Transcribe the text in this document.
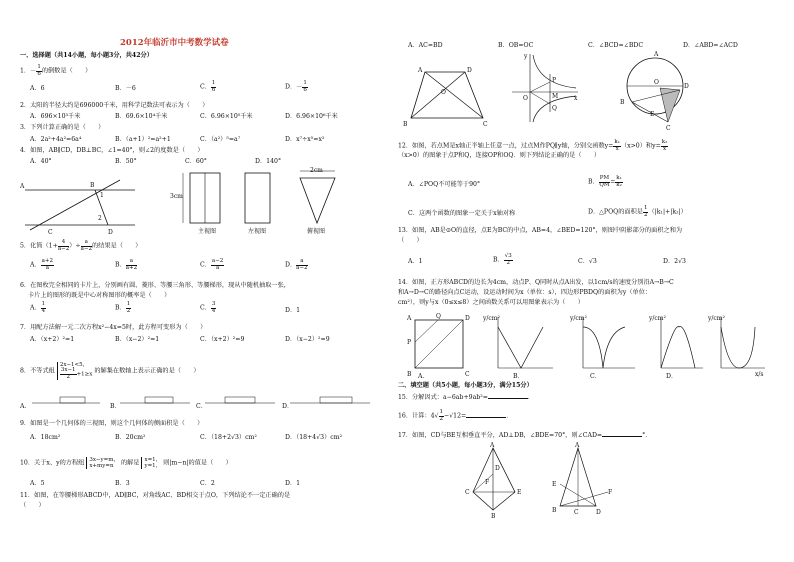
2012年临沂市中考数学试卷
一、选择题（共14小题，每小题3分，共42分）
1．－ $\frac{1}{6}$ 的倒数是（　　）
A．6	B．－6	C． $\frac{1}{6}$	D．－ $\frac{1}{6}$
2．太阳的半径大约是696000千米，用科学记数法可表示为（　　）
A．696×10³千米	B．69.6×10⁴千米	C．6.96×10⁵千米	D．6.96×10⁶千米
3．下列计算正确的是（　　）
A．2a²+4a²=6a⁴	B．（a+1）²=a²+1	C．（a²）⁵=a⁷	D．x⁷÷x⁵=x²
4．如图，AB∥CD，DB⊥BC，∠1=40°，则∠2的度数是（　　）
A．40°	B．50°	C．60°	D．140°
A	B
1
C
2
D
3cm
2cm
主视图	左视图	俯视图
5．化简（$1+ \frac{4}{a-2}$ ）÷ $\frac{a}{a-2}$ 的结果是（　　）
A． $\frac{a+2}{a}$	B． $\frac{a}{a+2}$	C． $\frac{a-2}{a}$	D． $\frac{a}{a-2}$
6．在图枚完全相同的卡片上，分别画有圆、菱形、等腰三角形、等腰梯形，现从中随机抽取一张，
卡片上的图形的既是中心对称图形的概率是（　　）
A． $\frac{1}{4}$	B． $\frac{1}{2}$	C． $\frac{3}{4}$	D．1
7．用配方法解一元二次方程x²−4x=5时，此方程可变形为（　　）
A．（x+2）²=1	B．（x−2）²=1	C．（x+2）²=9	D．（x−2）²=9
8．不等式组
2x−1<5，
$\frac{3x-1}{2} +1\ge x$
的解集在数轴上表示正确的是（　　）
A．	B．	C．	D．
9．如图是一个几何体的三视图，则这个几何体的侧面积是（　　）
A．18cm²	B．20cm²	C．（18+2√3）cm²	D．（18+4√3）cm²
10．关于x、y的方程组 3x−y=m，
x+my=n	的解是 x=1，
y=1， 则|m−n|的值是（　　）
A．5	B．3	C．2	D．1
11．如图，在等腰梯形ABCD中，AD∥BC，对角线AC、BD相交于点O，下列结论不一定正确的是
（　　）
A．AC=BD	B．OB=OC	C．∠BCD=∠BDC	D．∠ABD=∠ACD
A	D
O
B	C
y
P
Q
O	M	x
B
C
D
A
E
O
12．如图，若点M是x轴正半轴上任意一点，过点M作PQ∥y轴，分别交函数$y= \frac{\text{k₁}}{x} (x>0)$和$y= \frac{\text{k₂}}{x}$
（x>0）的图象于点P和Q，连接OP和OQ．则下列结论正确的是（　　）
A．∠POQ不可能等于90°	B． $\frac{PM}{QM} = \frac{\text{k₁}}{\text{k₂}}$
C．这两个函数的图象一定关于x轴对称	D．△POQ的面积是 $\frac{1}{2} (|k_1|+|k_2|)$
13．如图，AB是⊙O的直径，点E为BC的中点，AB=4，∠BED=120°，则图中阴影部分的面积之和为
（　　）
A．1	B． $\frac{√3}{2}$	C．√3	D．2√3
14．如图，正方形ABCD的边长为4cm，动点P、Q同时从点A出发，以1cm/s的速度分别沿A→B→C
和A→D→C的路径向点C运动，设运动时间为x（单位：s），四边形PBDQ的面积为y（单位：
cm²），则y与x（0≤x≤8）之间函数关系可以用图象表示为（　　）
A	D
P
Q
B	C
y/cm²	y/cm²	y/cm²	y/cm²
x/s
A．	B．	C．	D．
二、填空题（共5小题，每小题3分，满分15分）
15．分解因式：a−6ab+9ab²=	．
16．计算：$4√ \frac{1}{2} -√12=$	．
17．如图，CD与BE互相垂直平分，AD⊥DB，∠BDE=70°，则∠CAD=	°．
A
D
F
C	E
B
A
E
B	C	D
F
